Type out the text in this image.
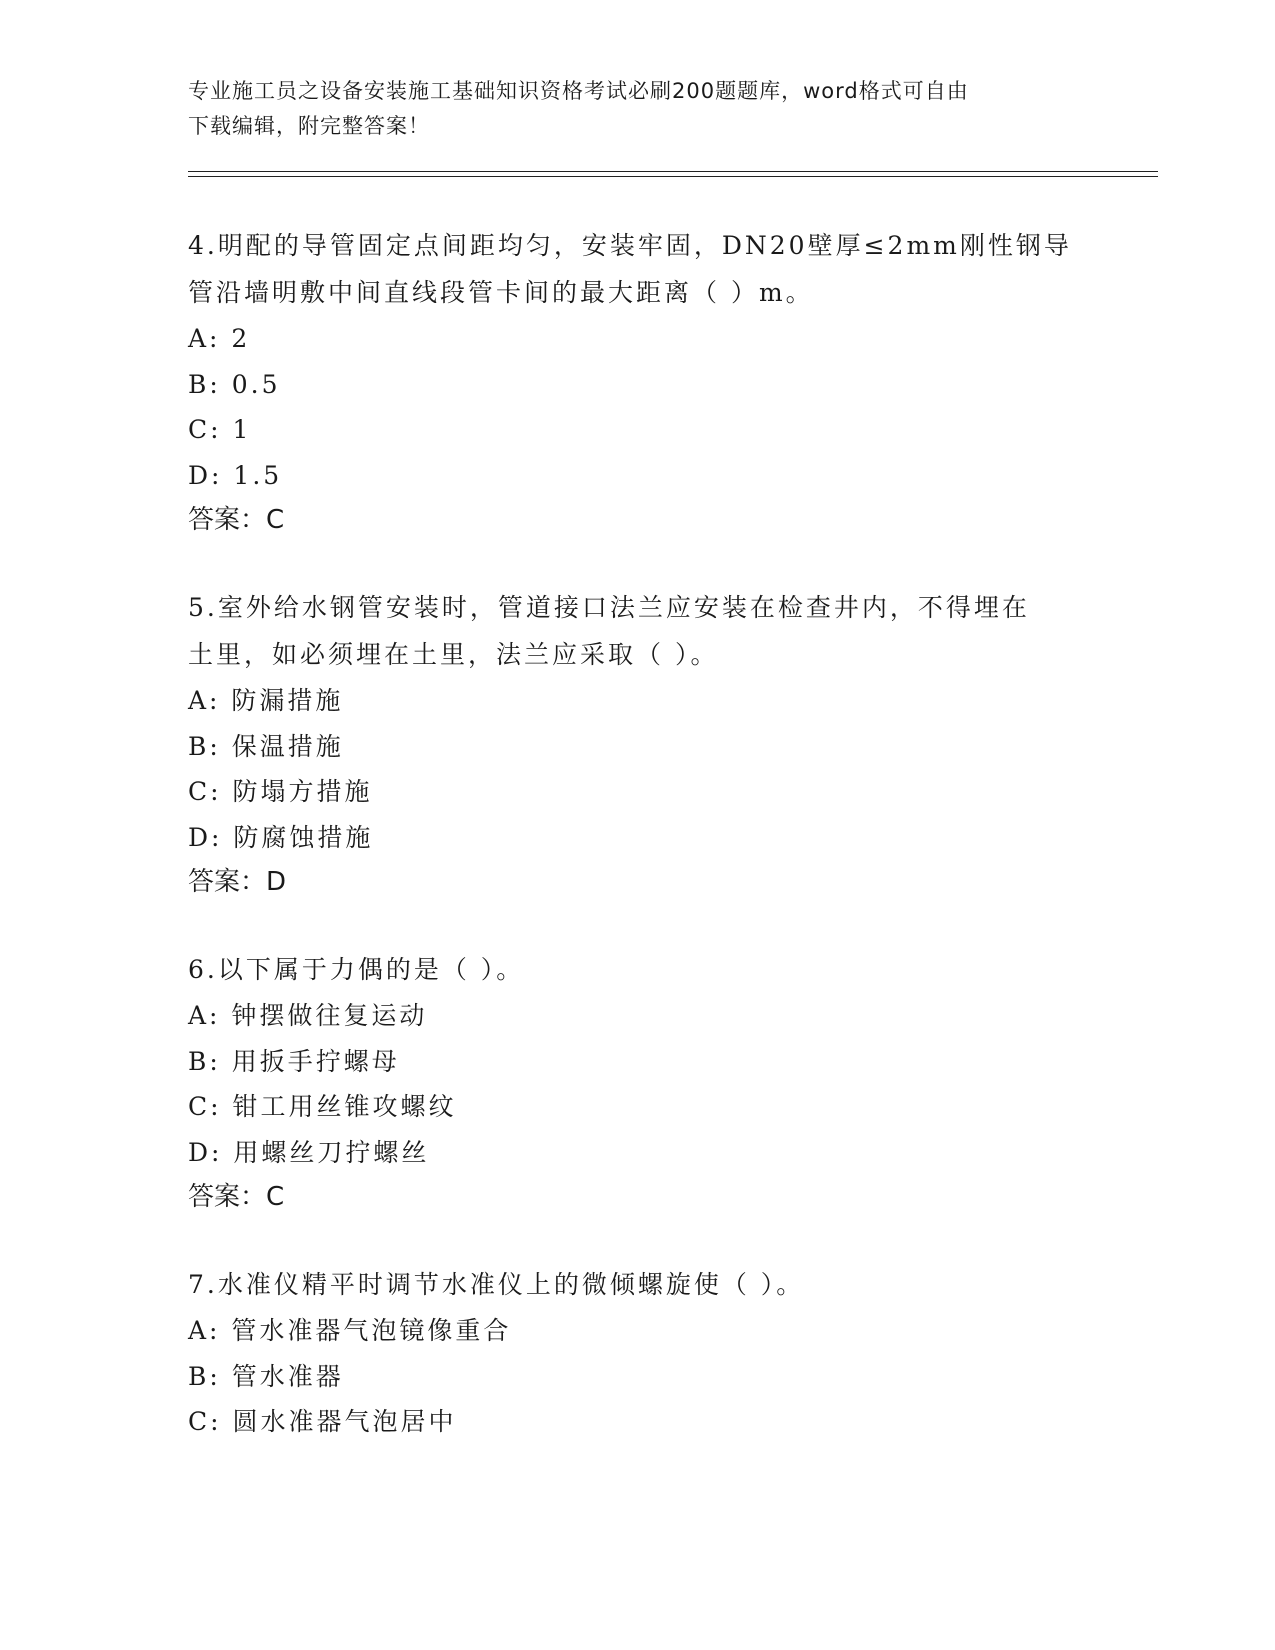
专业施工员之设备安装施工基础知识资格考试必刷200题题库，word格式可自由
下载编辑，附完整答案！
4.明配的导管固定点间距均匀，安装牢固，DN20壁厚≤2mm刚性钢导
管沿墙明敷中间直线段管卡间的最大距离（ ）m。
A: 2
B: 0.5
C: 1
D: 1.5
答案：C
5.室外给水钢管安装时，管道接口法兰应安装在检查井内，不得埋在
土里，如必须埋在土里，法兰应采取（ ）。
A: 防漏措施
B: 保温措施
C: 防塌方措施
D: 防腐蚀措施
答案：D
6.以下属于力偶的是（ ）。
A: 钟摆做往复运动
B: 用扳手拧螺母
C: 钳工用丝锥攻螺纹
D: 用螺丝刀拧螺丝
答案：C
7.水准仪精平时调节水准仪上的微倾螺旋使（ ）。
A: 管水准器气泡镜像重合
B: 管水准器
C: 圆水准器气泡居中
